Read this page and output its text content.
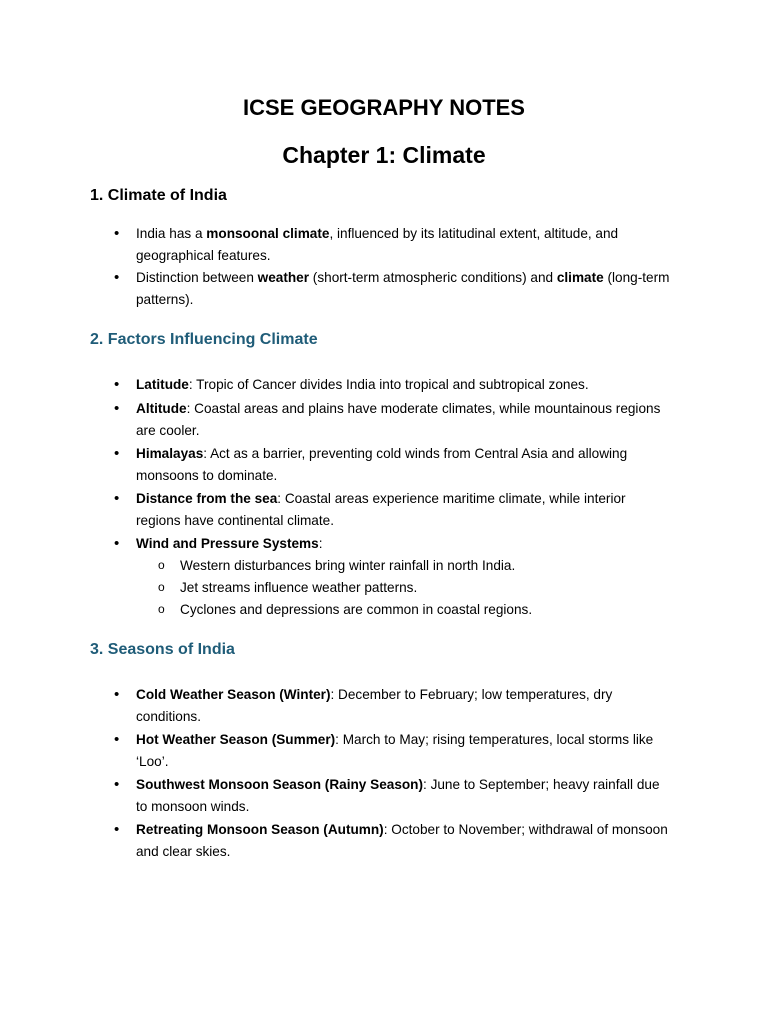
ICSE GEOGRAPHY NOTES
Chapter 1: Climate
1. Climate of India
• India has a monsoonal climate, influenced by its latitudinal extent, altitude, and geographical features.
• Distinction between weather (short-term atmospheric conditions) and climate (long-term patterns).
2. Factors Influencing Climate
• Latitude: Tropic of Cancer divides India into tropical and subtropical zones.
• Altitude: Coastal areas and plains have moderate climates, while mountainous regions are cooler.
• Himalayas: Act as a barrier, preventing cold winds from Central Asia and allowing monsoons to dominate.
• Distance from the sea: Coastal areas experience maritime climate, while interior regions have continental climate.
• Wind and Pressure Systems:
o Western disturbances bring winter rainfall in north India.
o Jet streams influence weather patterns.
o Cyclones and depressions are common in coastal regions.
3. Seasons of India
• Cold Weather Season (Winter): December to February; low temperatures, dry conditions.
• Hot Weather Season (Summer): March to May; rising temperatures, local storms like ‘Loo’.
• Southwest Monsoon Season (Rainy Season): June to September; heavy rainfall due to monsoon winds.
• Retreating Monsoon Season (Autumn): October to November; withdrawal of monsoon and clear skies.
